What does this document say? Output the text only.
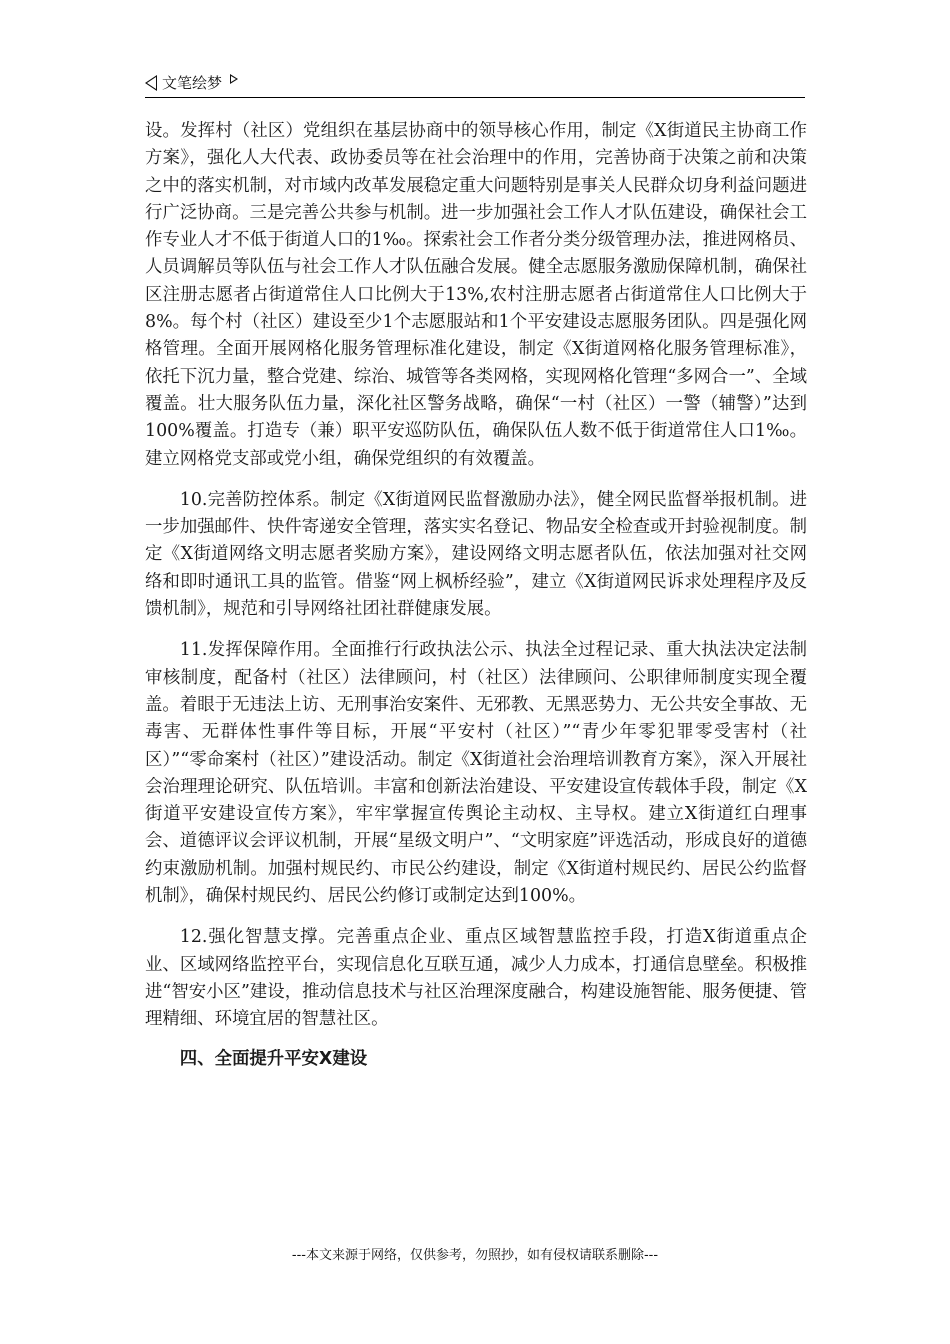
文笔绘梦

设。发挥村（社区）党组织在基层协商中的领导核心作用，制定《X街道民主协商工作方案》，强化人大代表、政协委员等在社会治理中的作用，完善协商于决策之前和决策之中的落实机制，对市域内改革发展稳定重大问题特别是事关人民群众切身利益问题进行广泛协商。三是完善公共参与机制。进一步加强社会工作人才队伍建设，确保社会工作专业人才不低于街道人口的1‰。探索社会工作者分类分级管理办法，推进网格员、人员调解员等队伍与社会工作人才队伍融合发展。健全志愿服务激励保障机制，确保社区注册志愿者占街道常住人口比例大于13%,农村注册志愿者占街道常住人口比例大于8%。每个村（社区）建设至少1个志愿服站和1个平安建设志愿服务团队。四是强化网格管理。全面开展网格化服务管理标准化建设，制定《X街道网格化服务管理标准》，依托下沉力量，整合党建、综治、城管等各类网格，实现网格化管理“多网合一”、全域覆盖。壮大服务队伍力量，深化社区警务战略，确保“一村（社区）一警（辅警）”达到100%覆盖。打造专（兼）职平安巡防队伍，确保队伍人数不低于街道常住人口1‰。建立网格党支部或党小组，确保党组织的有效覆盖。

10.完善防控体系。制定《X街道网民监督激励办法》，健全网民监督举报机制。进一步加强邮件、快件寄递安全管理，落实实名登记、物品安全检查或开封验视制度。制定《X街道网络文明志愿者奖励方案》，建设网络文明志愿者队伍，依法加强对社交网络和即时通讯工具的监管。借鉴“网上枫桥经验”，建立《X街道网民诉求处理程序及反馈机制》，规范和引导网络社团社群健康发展。

11.发挥保障作用。全面推行行政执法公示、执法全过程记录、重大执法决定法制审核制度，配备村（社区）法律顾问，村（社区）法律顾问、公职律师制度实现全覆盖。着眼于无违法上访、无刑事治安案件、无邪教、无黑恶势力、无公共安全事故、无毒害、无群体性事件等目标，开展“平安村（社区）”“青少年零犯罪零受害村（社区）”“零命案村（社区）”建设活动。制定《X街道社会治理培训教育方案》，深入开展社会治理理论研究、队伍培训。丰富和创新法治建设、平安建设宣传载体手段，制定《X街道平安建设宣传方案》，牢牢掌握宣传舆论主动权、主导权。建立X街道红白理事会、道德评议会评议机制，开展“星级文明户”、“文明家庭”评选活动，形成良好的道德约束激励机制。加强村规民约、市民公约建设，制定《X街道村规民约、居民公约监督机制》，确保村规民约、居民公约修订或制定达到100%。

12.强化智慧支撑。完善重点企业、重点区域智慧监控手段，打造X街道重点企业、区域网络监控平台，实现信息化互联互通，减少人力成本，打通信息壁垒。积极推进“智安小区”建设，推动信息技术与社区治理深度融合，构建设施智能、服务便捷、管理精细、环境宜居的智慧社区。

四、全面提升平安X建设

---本文来源于网络，仅供参考，勿照抄，如有侵权请联系删除---
